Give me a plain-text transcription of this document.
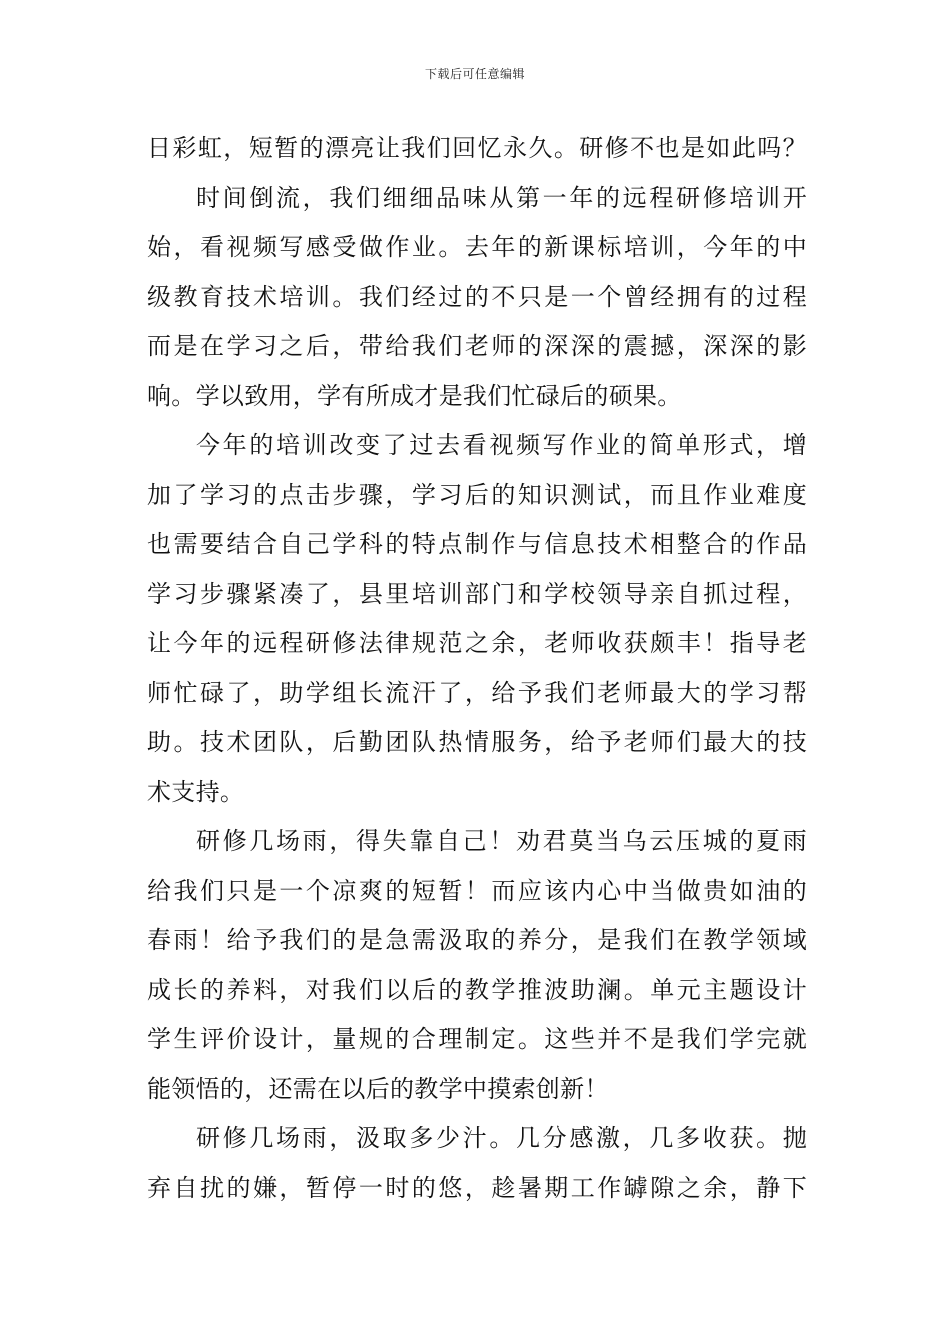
下载后可任意编辑
日彩虹，短暂的漂亮让我们回忆永久。研修不也是如此吗？
时间倒流，我们细细品味从第一年的远程研修培训开
始，看视频写感受做作业。去年的新课标培训，今年的中
级教育技术培训。我们经过的不只是一个曾经拥有的过程
而是在学习之后，带给我们老师的深深的震撼，深深的影
响。学以致用，学有所成才是我们忙碌后的硕果。
今年的培训改变了过去看视频写作业的简单形式，增
加了学习的点击步骤，学习后的知识测试，而且作业难度
也需要结合自己学科的特点制作与信息技术相整合的作品
学习步骤紧凑了，县里培训部门和学校领导亲自抓过程，
让今年的远程研修法律规范之余，老师收获颇丰！指导老
师忙碌了，助学组长流汗了，给予我们老师最大的学习帮
助。技术团队，后勤团队热情服务，给予老师们最大的技
术支持。
研修几场雨，得失靠自己！劝君莫当乌云压城的夏雨
给我们只是一个凉爽的短暂！而应该内心中当做贵如油的
春雨！给予我们的是急需汲取的养分，是我们在教学领域
成长的养料，对我们以后的教学推波助澜。单元主题设计
学生评价设计，量规的合理制定。这些并不是我们学完就
能领悟的，还需在以后的教学中摸索创新！
研修几场雨，汲取多少汁。几分感激，几多收获。抛
弃自扰的嫌，暂停一时的悠，趁暑期工作罅隙之余，静下
